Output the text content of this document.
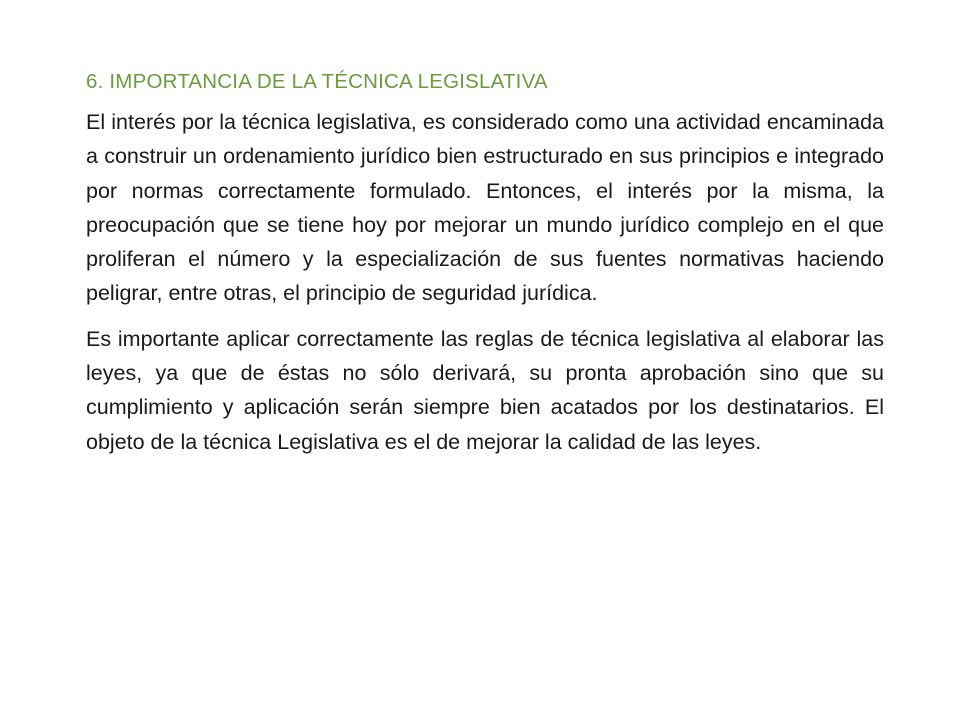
6. IMPORTANCIA DE LA TÉCNICA LEGISLATIVA

El interés por la técnica legislativa, es considerado como una actividad encaminada a construir un ordenamiento jurídico bien estructurado en sus principios e integrado por normas correctamente formulado. Entonces, el interés por la misma, la preocupación que se tiene hoy por mejorar un mundo jurídico complejo en el que proliferan el número y la especialización de sus fuentes normativas haciendo peligrar, entre otras, el principio de seguridad jurídica.

Es importante aplicar correctamente las reglas de técnica legislativa al elaborar las leyes, ya que de éstas no sólo derivará, su pronta aprobación sino que su cumplimiento y aplicación serán siempre bien acatados por los destinatarios. El objeto de la técnica Legislativa es el de mejorar la calidad de las leyes.
